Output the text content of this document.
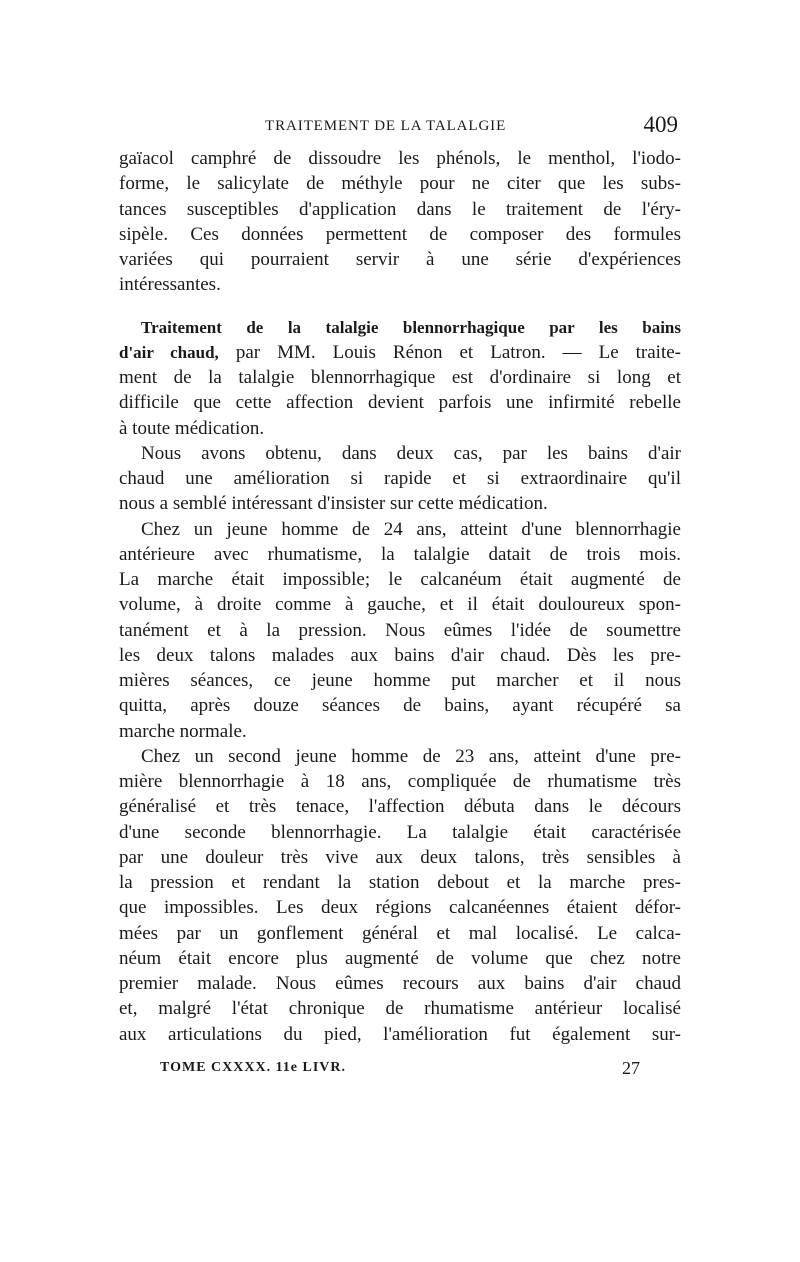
TRAITEMENT DE LA TALALGIE	409
gaïacol camphré de dissoudre les phénols, le menthol, l'iodo-
forme, le salicylate de méthyle pour ne citer que les subs-
tances susceptibles d'application dans le traitement de l'éry-
sipèle. Ces données permettent de composer des formules
variées qui pourraient servir à une série d'expériences
intéressantes.
Traitement de la talalgie blennorrhagique par les bains
d'air chaud, par MM. Louis Rénon et Latron. — Le traite-
ment de la talalgie blennorrhagique est d'ordinaire si long et
difficile que cette affection devient parfois une infirmité rebelle
à toute médication.
Nous avons obtenu, dans deux cas, par les bains d'air
chaud une amélioration si rapide et si extraordinaire qu'il
nous a semblé intéressant d'insister sur cette médication.
Chez un jeune homme de 24 ans, atteint d'une blennorrhagie
antérieure avec rhumatisme, la talalgie datait de trois mois.
La marche était impossible; le calcanéum était augmenté de
volume, à droite comme à gauche, et il était douloureux spon-
tanément et à la pression. Nous eûmes l'idée de soumettre
les deux talons malades aux bains d'air chaud. Dès les pre-
mières séances, ce jeune homme put marcher et il nous
quitta, après douze séances de bains, ayant récupéré sa
marche normale.
Chez un second jeune homme de 23 ans, atteint d'une pre-
mière blennorrhagie à 18 ans, compliquée de rhumatisme très
généralisé et très tenace, l'affection débuta dans le décours
d'une seconde blennorrhagie. La talalgie était caractérisée
par une douleur très vive aux deux talons, très sensibles à
la pression et rendant la station debout et la marche pres-
que impossibles. Les deux régions calcanéennes étaient défor-
mées par un gonflement général et mal localisé. Le calca-
néum était encore plus augmenté de volume que chez notre
premier malade. Nous eûmes recours aux bains d'air chaud
et, malgré l'état chronique de rhumatisme antérieur localisé
aux articulations du pied, l'amélioration fut également sur-
TOME CXXXX. 11e LIVR.	27
